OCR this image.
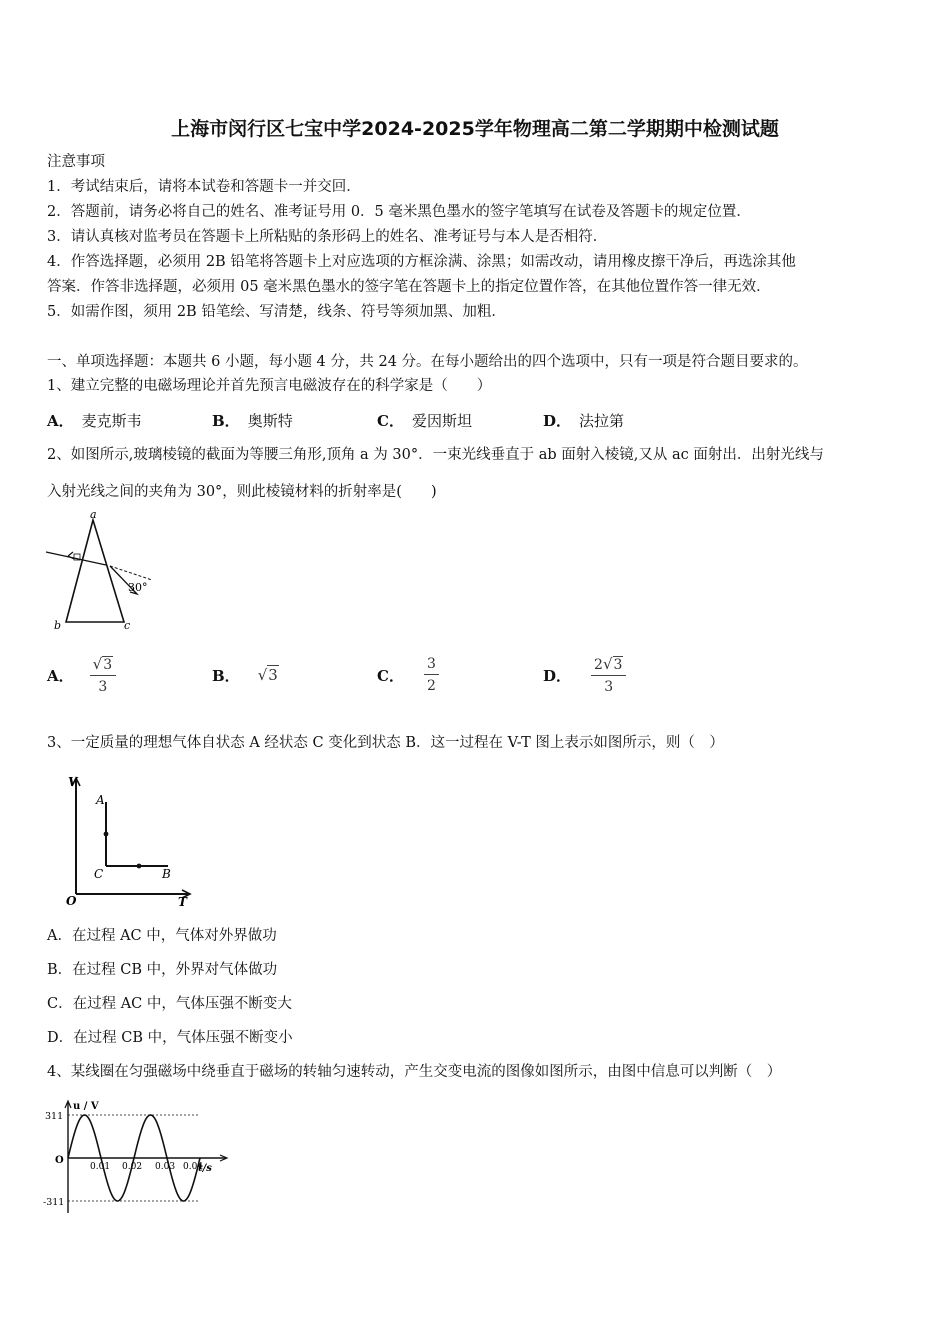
上海市闵行区七宝中学2024-2025学年物理高二第二学期期中检测试题
注意事项
1．考试结束后，请将本试卷和答题卡一并交回．
2．答题前，请务必将自己的姓名、准考证号用 0．5 毫米黑色墨水的签字笔填写在试卷及答题卡的规定位置．
3．请认真核对监考员在答题卡上所粘贴的条形码上的姓名、准考证号与本人是否相符．
4．作答选择题，必须用 2B 铅笔将答题卡上对应选项的方框涂满、涂黑；如需改动，请用橡皮擦干净后，再选涂其他
答案．作答非选择题，必须用 05 毫米黑色墨水的签字笔在答题卡上的指定位置作答，在其他位置作答一律无效．
5．如需作图，须用 2B 铅笔绘、写清楚，线条、符号等须加黑、加粗．
一、单项选择题：本题共 6 小题，每小题 4 分，共 24 分。在每小题给出的四个选项中，只有一项是符合题目要求的。
1、建立完整的电磁场理论并首先预言电磁波存在的科学家是（　　）
A． 麦克斯韦	B． 奥斯特	C． 爱因斯坦	D． 法拉第
2、如图所示,玻璃棱镜的截面为等腰三角形,顶角 a 为 30°．一束光线垂直于 ab 面射入棱镜,又从 ac 面射出．出射光线与
入射光线之间的夹角为 30°，则此棱镜材料的折射率是(　　)
a
b	c
30°
A． $\frac{√3}{3}$	B． √3	C． $\frac{3}{2}$	D． $\frac{2√3}{3}$
3、一定质量的理想气体自状态 A 经状态 C 变化到状态 B．这一过程在 V-T 图上表示如图所示，则（　）
V
T
O
A
C	B
A．在过程 AC 中，气体对外界做功
B．在过程 CB 中，外界对气体做功
C．在过程 AC 中，气体压强不断变大
D．在过程 CB 中，气体压强不断变小
4、某线圈在匀强磁场中绕垂直于磁场的转轴匀速转动，产生交变电流的图像如图所示，由图中信息可以判断（　）
u / V
t/s
311
-311
O
0.01 0.02 0.03 0.04
